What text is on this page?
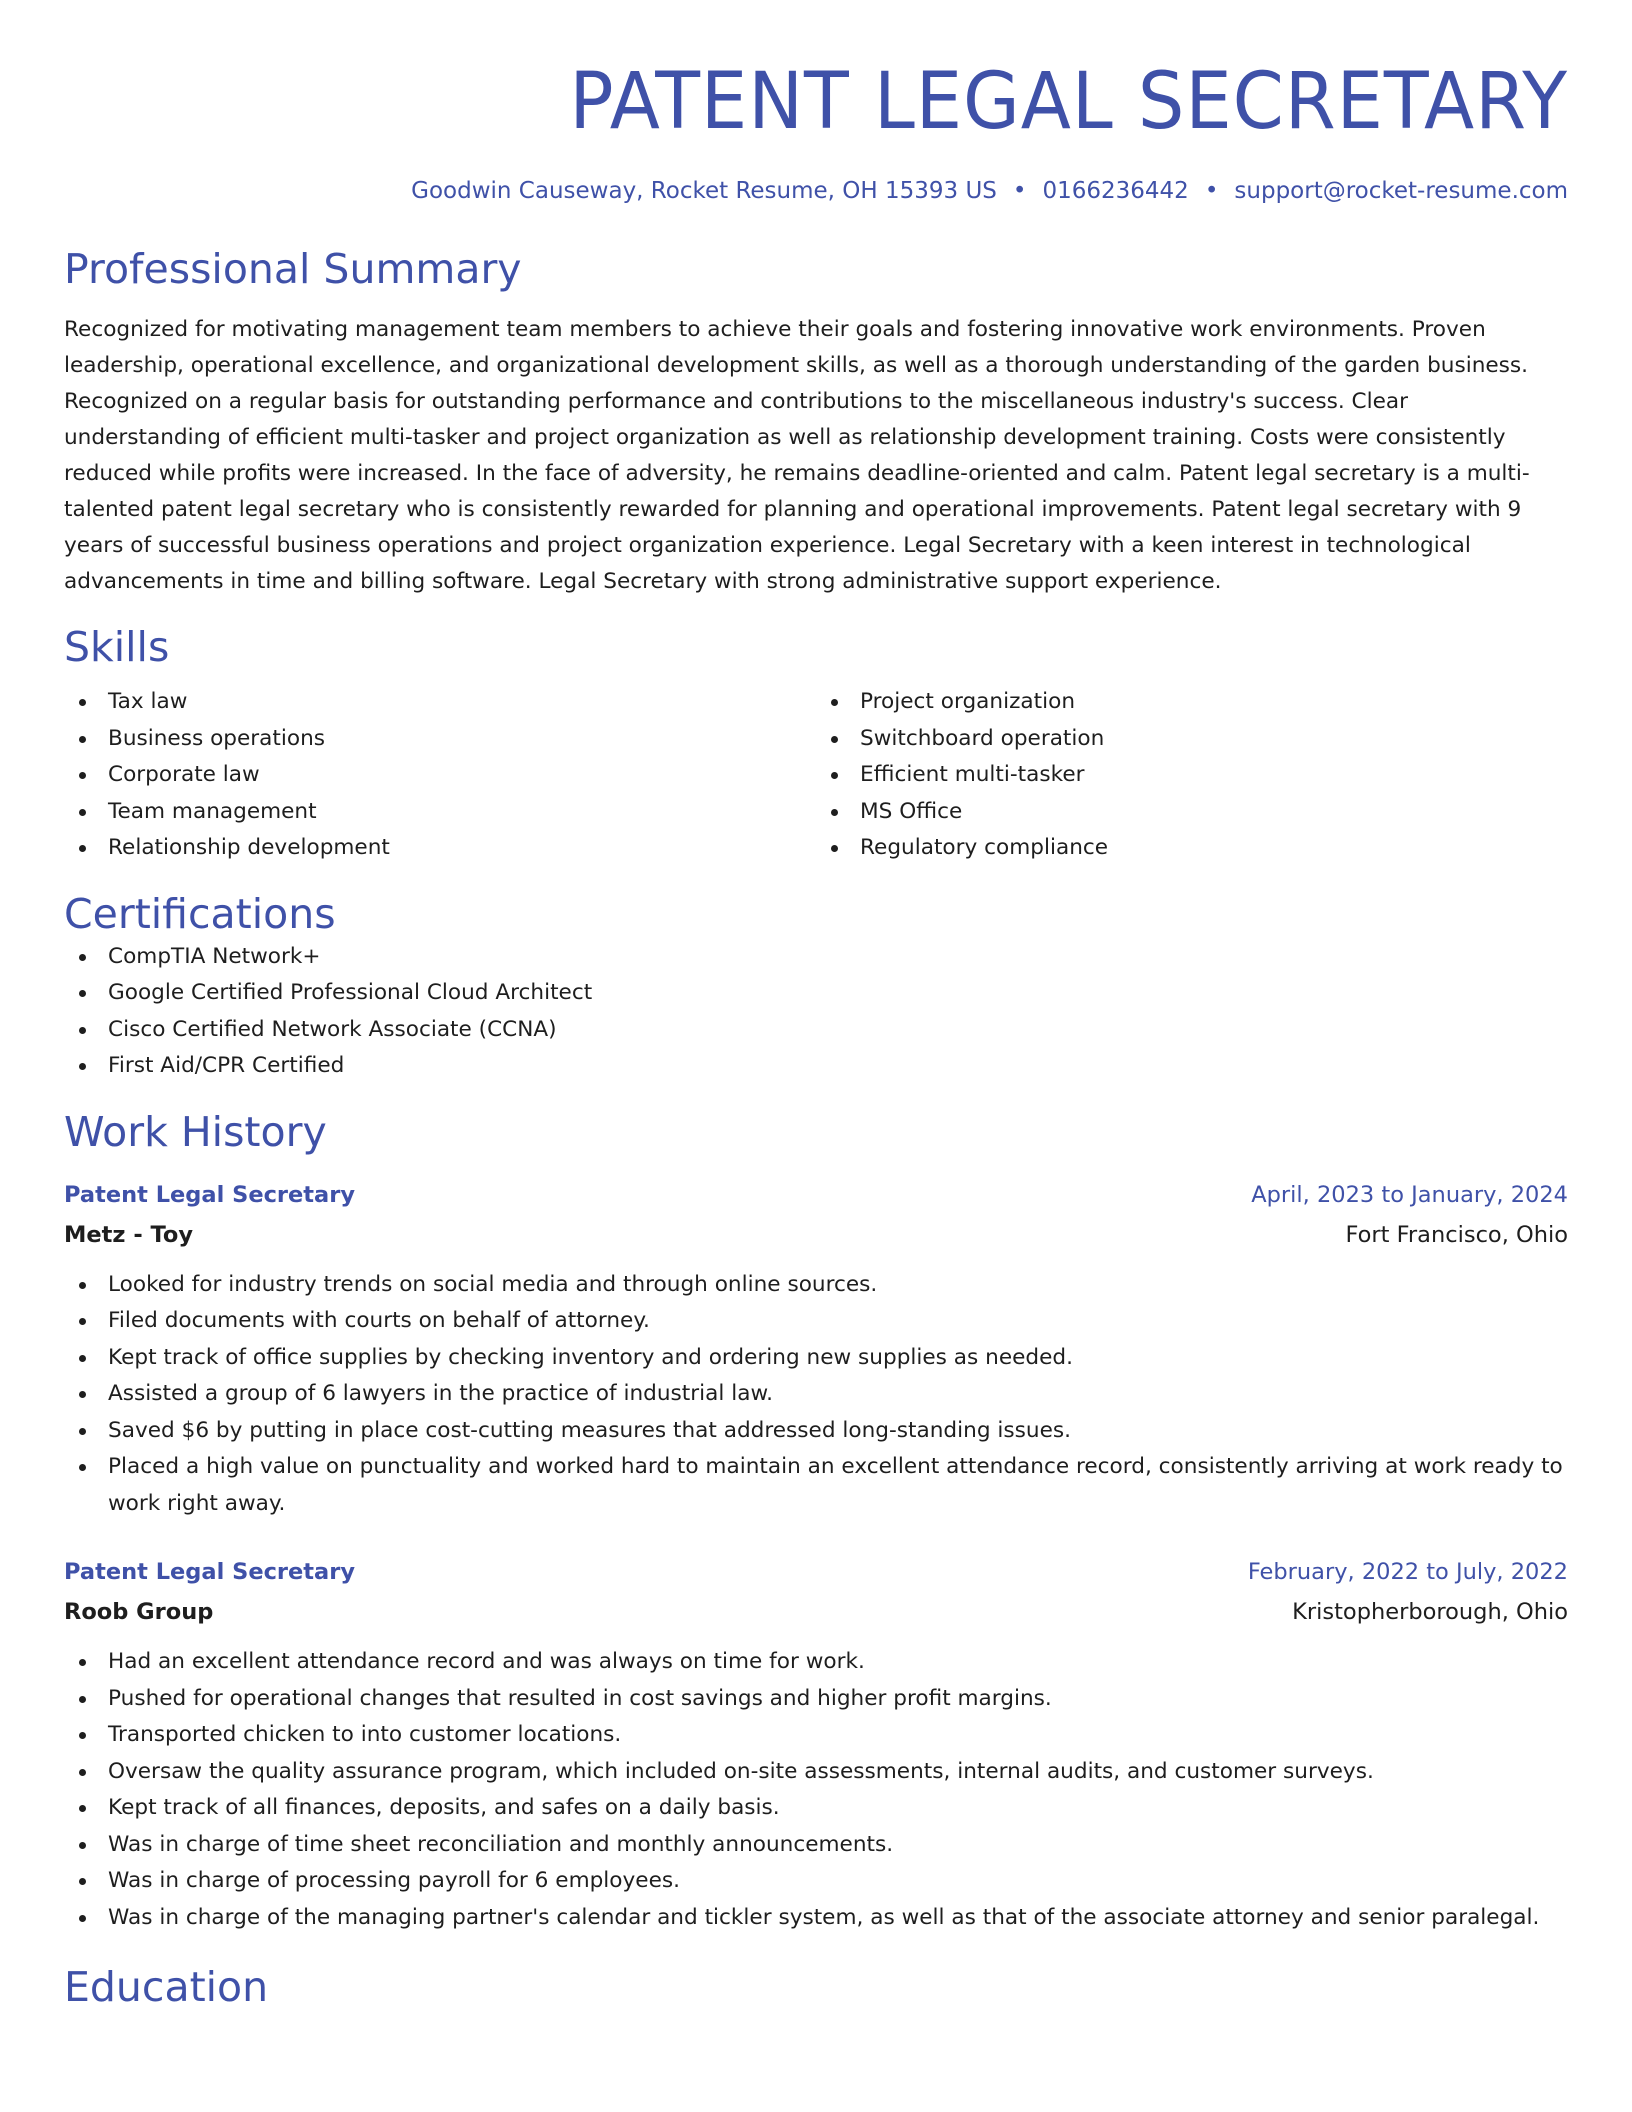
PATENT LEGAL SECRETARY
Goodwin Causeway, Rocket Resume, OH 15393 US • 0166236442 • support@rocket-resume.com
Professional Summary
Recognized for motivating management team members to achieve their goals and fostering innovative work environments. Proven leadership, operational excellence, and organizational development skills, as well as a thorough understanding of the garden business. Recognized on a regular basis for outstanding performance and contributions to the miscellaneous industry's success. Clear understanding of efficient multi-tasker and project organization as well as relationship development training. Costs were consistently reduced while profits were increased. In the face of adversity, he remains deadline-oriented and calm. Patent legal secretary is a multi-talented patent legal secretary who is consistently rewarded for planning and operational improvements. Patent legal secretary with 9 years of successful business operations and project organization experience. Legal Secretary with a keen interest in technological advancements in time and billing software. Legal Secretary with strong administrative support experience.
Skills
Tax law
Business operations
Corporate law
Team management
Relationship development
Project organization
Switchboard operation
Efficient multi-tasker
MS Office
Regulatory compliance
Certifications
CompTIA Network+
Google Certified Professional Cloud Architect
Cisco Certified Network Associate (CCNA)
First Aid/CPR Certified
Work History
Patent Legal Secretary	April, 2023 to January, 2024
Metz - Toy	Fort Francisco, Ohio
Looked for industry trends on social media and through online sources.
Filed documents with courts on behalf of attorney.
Kept track of office supplies by checking inventory and ordering new supplies as needed.
Assisted a group of 6 lawyers in the practice of industrial law.
Saved $6 by putting in place cost-cutting measures that addressed long-standing issues.
Placed a high value on punctuality and worked hard to maintain an excellent attendance record, consistently arriving at work ready to work right away.
Patent Legal Secretary	February, 2022 to July, 2022
Roob Group	Kristopherborough, Ohio
Had an excellent attendance record and was always on time for work.
Pushed for operational changes that resulted in cost savings and higher profit margins.
Transported chicken to into customer locations.
Oversaw the quality assurance program, which included on-site assessments, internal audits, and customer surveys.
Kept track of all finances, deposits, and safes on a daily basis.
Was in charge of time sheet reconciliation and monthly announcements.
Was in charge of processing payroll for 6 employees.
Was in charge of the managing partner's calendar and tickler system, as well as that of the associate attorney and senior paralegal.
Education
